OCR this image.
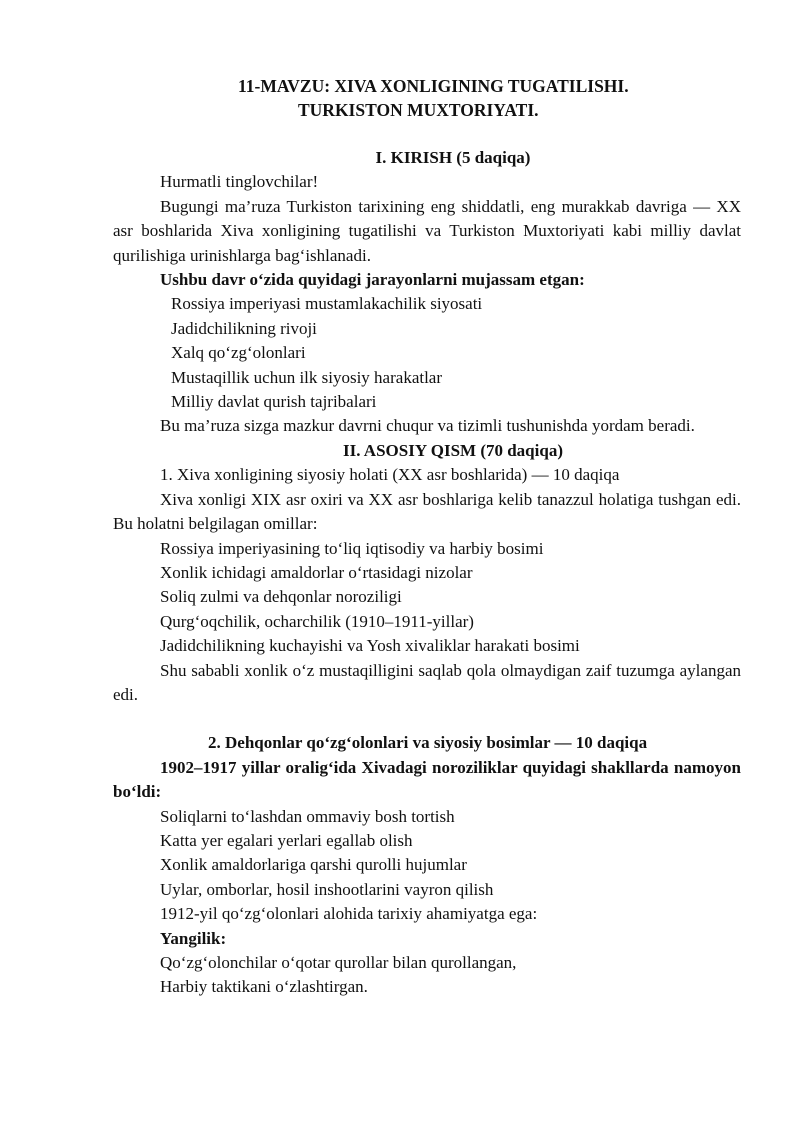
11-MAVZU: XIVA XONLIGINING TUGATILISHI.

TURKISTON MUXTORIYATI.

I. KIRISH (5 daqiqa)

Hurmatli tinglovchilar!

Bugungi ma’ruza Turkiston tarixining eng shiddatli, eng murakkab davriga — XX asr boshlarida Xiva xonligining tugatilishi va Turkiston Muxtoriyati kabi milliy davlat qurilishiga urinishlarga bag‘ishlanadi.

Ushbu davr o‘zida quyidagi jarayonlarni mujassam etgan:

Rossiya imperiyasi mustamlakachilik siyosati

Jadidchilikning rivoji

Xalq qo‘zg‘olonlari

Mustaqillik uchun ilk siyosiy harakatlar

Milliy davlat qurish tajribalari

Bu ma’ruza sizga mazkur davrni chuqur va tizimli tushunishda yordam beradi.

II. ASOSIY QISM (70 daqiqa)

1. Xiva xonligining siyosiy holati (XX asr boshlarida) — 10 daqiqa

Xiva xonligi XIX asr oxiri va XX asr boshlariga kelib tanazzul holatiga tushgan edi. Bu holatni belgilagan omillar:

Rossiya imperiyasining to‘liq iqtisodiy va harbiy bosimi

Xonlik ichidagi amaldorlar o‘rtasidagi nizolar

Soliq zulmi va dehqonlar noroziligi

Qurg‘oqchilik, ocharchilik (1910–1911-yillar)

Jadidchilikning kuchayishi va Yosh xivaliklar harakati bosimi

Shu sababli xonlik o‘z mustaqilligini saqlab qola olmaydigan zaif tuzumga aylangan edi.

2. Dehqonlar qo‘zg‘olonlari va siyosiy bosimlar — 10 daqiqa

1902–1917 yillar oralig‘ida Xivadagi noroziliklar quyidagi shakllarda namoyon bo‘ldi:

Soliqlarni to‘lashdan ommaviy bosh tortish

Katta yer egalari yerlari egallab olish

Xonlik amaldorlariga qarshi qurolli hujumlar

Uylar, omborlar, hosil inshootlarini vayron qilish

1912-yil qo‘zg‘olonlari alohida tarixiy ahamiyatga ega:

Yangilik:

Qo‘zg‘olonchilar o‘qotar qurollar bilan qurollangan,

Harbiy taktikani o‘zlashtirgan.
